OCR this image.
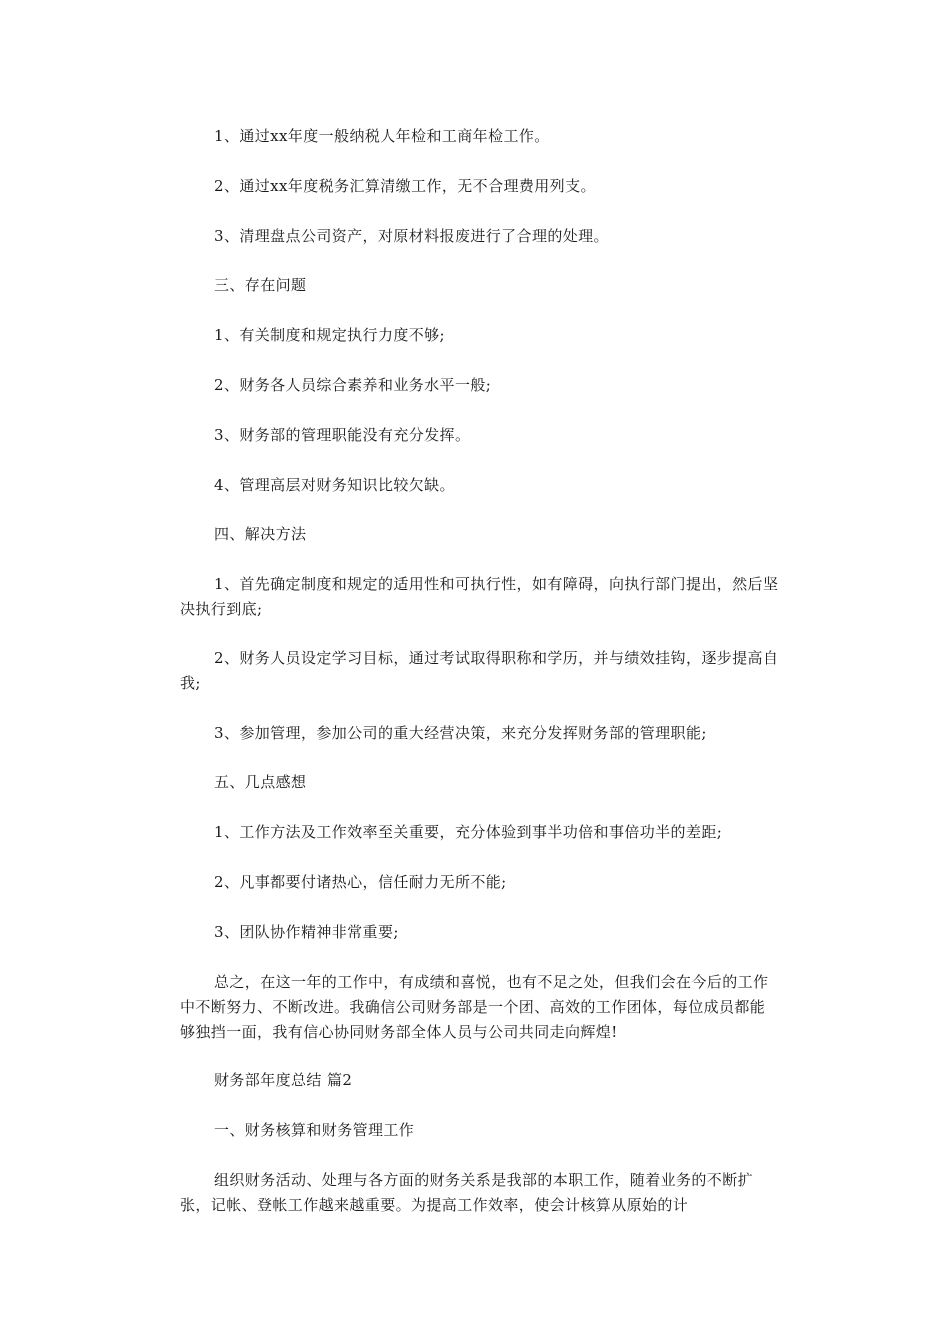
1、通过xx年度一般纳税人年检和工商年检工作。

2、通过xx年度税务汇算清缴工作，无不合理费用列支。

3、清理盘点公司资产，对原材料报废进行了合理的处理。

三、存在问题

1、有关制度和规定执行力度不够;

2、财务各人员综合素养和业务水平一般;

3、财务部的管理职能没有充分发挥。

4、管理高层对财务知识比较欠缺。

四、解决方法

1、首先确定制度和规定的适用性和可执行性，如有障碍，向执行部门提出，然后坚决执行到底;

2、财务人员设定学习目标，通过考试取得职称和学历，并与绩效挂钩，逐步提高自我;

3、参加管理，参加公司的重大经营决策，来充分发挥财务部的管理职能;

五、几点感想

1、工作方法及工作效率至关重要，充分体验到事半功倍和事倍功半的差距;

2、凡事都要付诸热心，信任耐力无所不能;

3、团队协作精神非常重要;

总之，在这一年的工作中，有成绩和喜悦，也有不足之处，但我们会在今后的工作中不断努力、不断改进。我确信公司财务部是一个团、高效的工作团体，每位成员都能够独挡一面，我有信心协同财务部全体人员与公司共同走向辉煌!

财务部年度总结 篇2

一、财务核算和财务管理工作

组织财务活动、处理与各方面的财务关系是我部的本职工作，随着业务的不断扩张，记帐、登帐工作越来越重要。为提高工作效率，使会计核算从原始的计
